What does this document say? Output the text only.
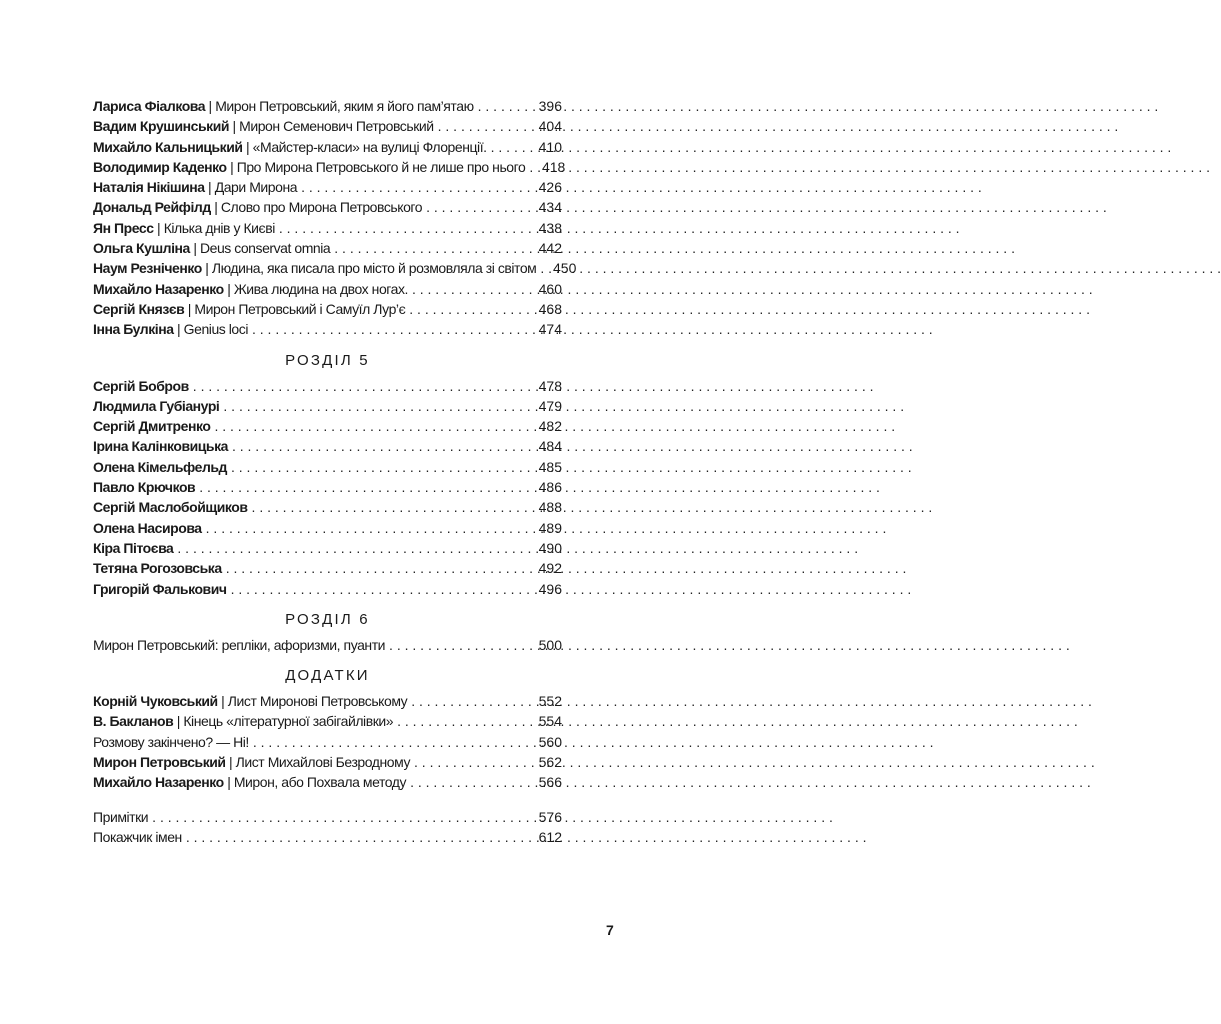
Лариса Фіалкова | Мирон Петровський, яким я його пам’ятаю . . .	396
Вадим Крушинський | Мирон Семенович Петровський . . .	404
Михайло Кальницький | «Майстер-класи» на вулиці Флоренції. . . .	410
Володимир Каденко | Про Мирона Петровського й не лише про нього . . . 418
Наталія Нікішина | Дари Мирона . . .	426
Дональд Рейфілд | Слово про Мирона Петровського . . .	434
Ян Пресс | Кілька днів у Києві . . .	438
Ольга Кушліна | Deus conservat omnia . . .	442
Наум Резніченко | Людина, яка писала про місто й розмовляла зі світом . . . 450
Михайло Назаренко | Жива людина на двох ногах. . . .	460
Сергій Князєв | Мирон Петровський і Самуїл Лур’є . . .	468
Інна Булкіна | Genius loci . . .	474
РОЗДІЛ 5
Сергій Бобров . . .	478
Людмила Губіанурі . . .	479
Сергій Дмитренко . . .	482
Ірина Калінковицька . . .	484
Олена Кімельфельд . . .	485
Павло Крючков . . .	486
Сергій Маслобойщиков . . .	488
Олена Насирова . . .	489
Кіра Пітоєва . . .	490
Тетяна Рогозовська . . .	492
Григорій Фалькович . . .	496
РОЗДІЛ 6
Мирон Петровський: репліки, афоризми, пуанти . . .	500
ДОДАТКИ
Корній Чуковський | Лист Миронові Петровському . . .	552
В. Бакланов | Кінець «літературної забігайлівки» . . .	554
Розмову закінчено? — Ні! . . .	560
Мирон Петровський | Лист Михайлові Безродному . . .	562
Михайло Назаренко | Мирон, або Похвала методу . . .	566
Примітки . . .	576
Покажчик імен . . .	612
7
